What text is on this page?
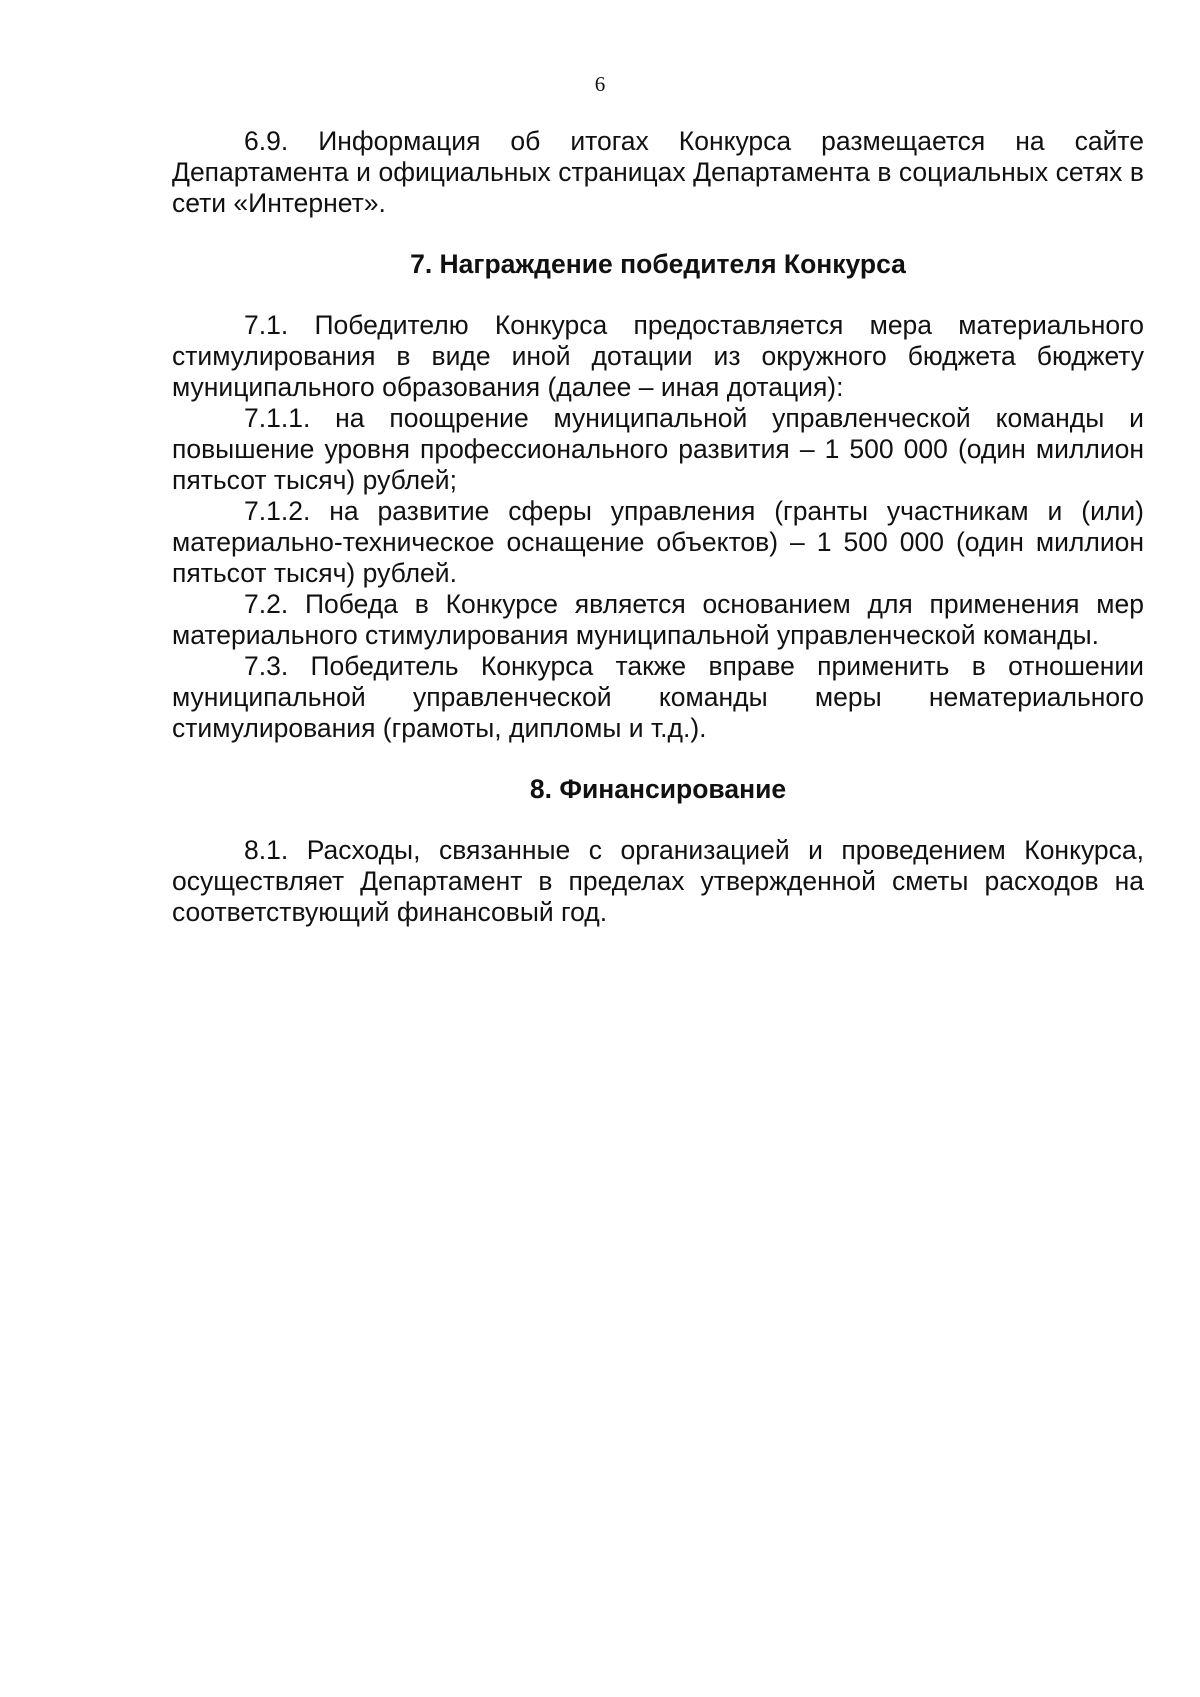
6

6.9. Информация об итогах Конкурса размещается на сайте Департамента и официальных страницах Департамента в социальных сетях в сети «Интернет».

7. Награждение победителя Конкурса

7.1. Победителю Конкурса предоставляется мера материального стимулирования в виде иной дотации из окружного бюджета бюджету муниципального образования (далее – иная дотация):

7.1.1. на поощрение муниципальной управленческой команды и повышение уровня профессионального развития – 1 500 000 (один миллион пятьсот тысяч) рублей;

7.1.2. на развитие сферы управления (гранты участникам и (или) материально-техническое оснащение объектов) – 1 500 000 (один миллион пятьсот тысяч) рублей.

7.2. Победа в Конкурсе является основанием для применения мер материального стимулирования муниципальной управленческой команды.

7.3. Победитель Конкурса также вправе применить в отношении муниципальной управленческой команды меры нематериального стимулирования (грамоты, дипломы и т.д.).

8. Финансирование

8.1. Расходы, связанные с организацией и проведением Конкурса, осуществляет Департамент в пределах утвержденной сметы расходов на соответствующий финансовый год.
